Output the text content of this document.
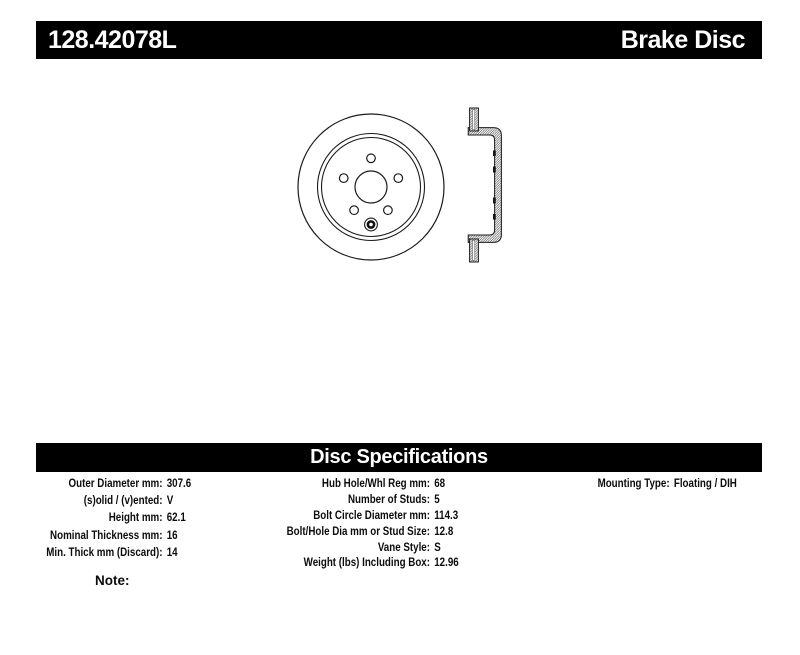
128.42078L	Brake Disc
Disc Specifications
Outer Diameter mm: 307.6
(s)olid / (v)ented: V
Height mm: 62.1
Nominal Thickness mm: 16
Min. Thick mm (Discard): 14
Hub Hole/Whl Reg mm: 68
Number of Studs: 5
Bolt Circle Diameter mm: 114.3
Bolt/Hole Dia mm or Stud Size: 12.8
Vane Style: S
Weight (lbs) Including Box: 12.96
Mounting Type: Floating / DIH
Note:
